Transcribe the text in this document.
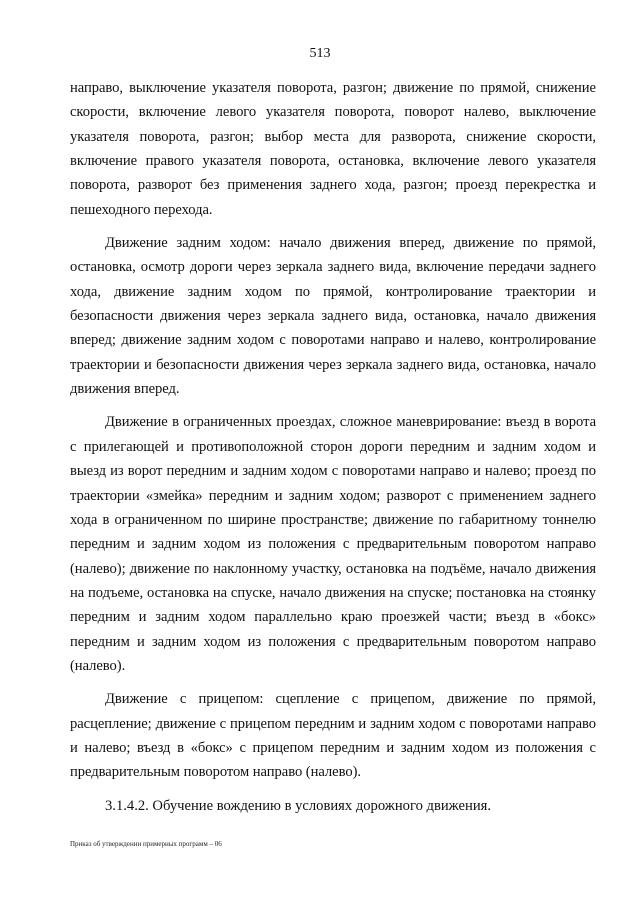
513

направо, выключение указателя поворота, разгон; движение по прямой, снижение скорости, включение левого указателя поворота, поворот налево, выключение указателя поворота, разгон; выбор места для разворота, снижение скорости, включение правого указателя поворота, остановка, включение левого указателя поворота, разворот без применения заднего хода, разгон; проезд перекрестка и пешеходного перехода.

Движение задним ходом: начало движения вперед, движение по прямой, остановка, осмотр дороги через зеркала заднего вида, включение передачи заднего хода, движение задним ходом по прямой, контролирование траектории и безопасности движения через зеркала заднего вида, остановка, начало движения вперед; движение задним ходом с поворотами направо и налево, контролирование траектории и безопасности движения через зеркала заднего вида, остановка, начало движения вперед.

Движение в ограниченных проездах, сложное маневрирование: въезд в ворота с прилегающей и противоположной сторон дороги передним и задним ходом и выезд из ворот передним и задним ходом с поворотами направо и налево; проезд по траектории «змейка» передним и задним ходом; разворот с применением заднего хода в ограниченном по ширине пространстве; движение по габаритному тоннелю передним и задним ходом из положения с предварительным поворотом направо (налево); движение по наклонному участку, остановка на подъёме, начало движения на подъеме, остановка на спуске, начало движения на спуске; постановка на стоянку передним и задним ходом параллельно краю проезжей части; въезд в «бокс» передним и задним ходом из положения с предварительным поворотом направо (налево).

Движение с прицепом: сцепление с прицепом, движение по прямой, расцепление; движение с прицепом передним и задним ходом с поворотами направо и налево; въезд в «бокс» с прицепом передним и задним ходом из положения с предварительным поворотом направо (налево).

3.1.4.2. Обучение вождению в условиях дорожного движения.

Приказ об утверждении примерных программ – 06
